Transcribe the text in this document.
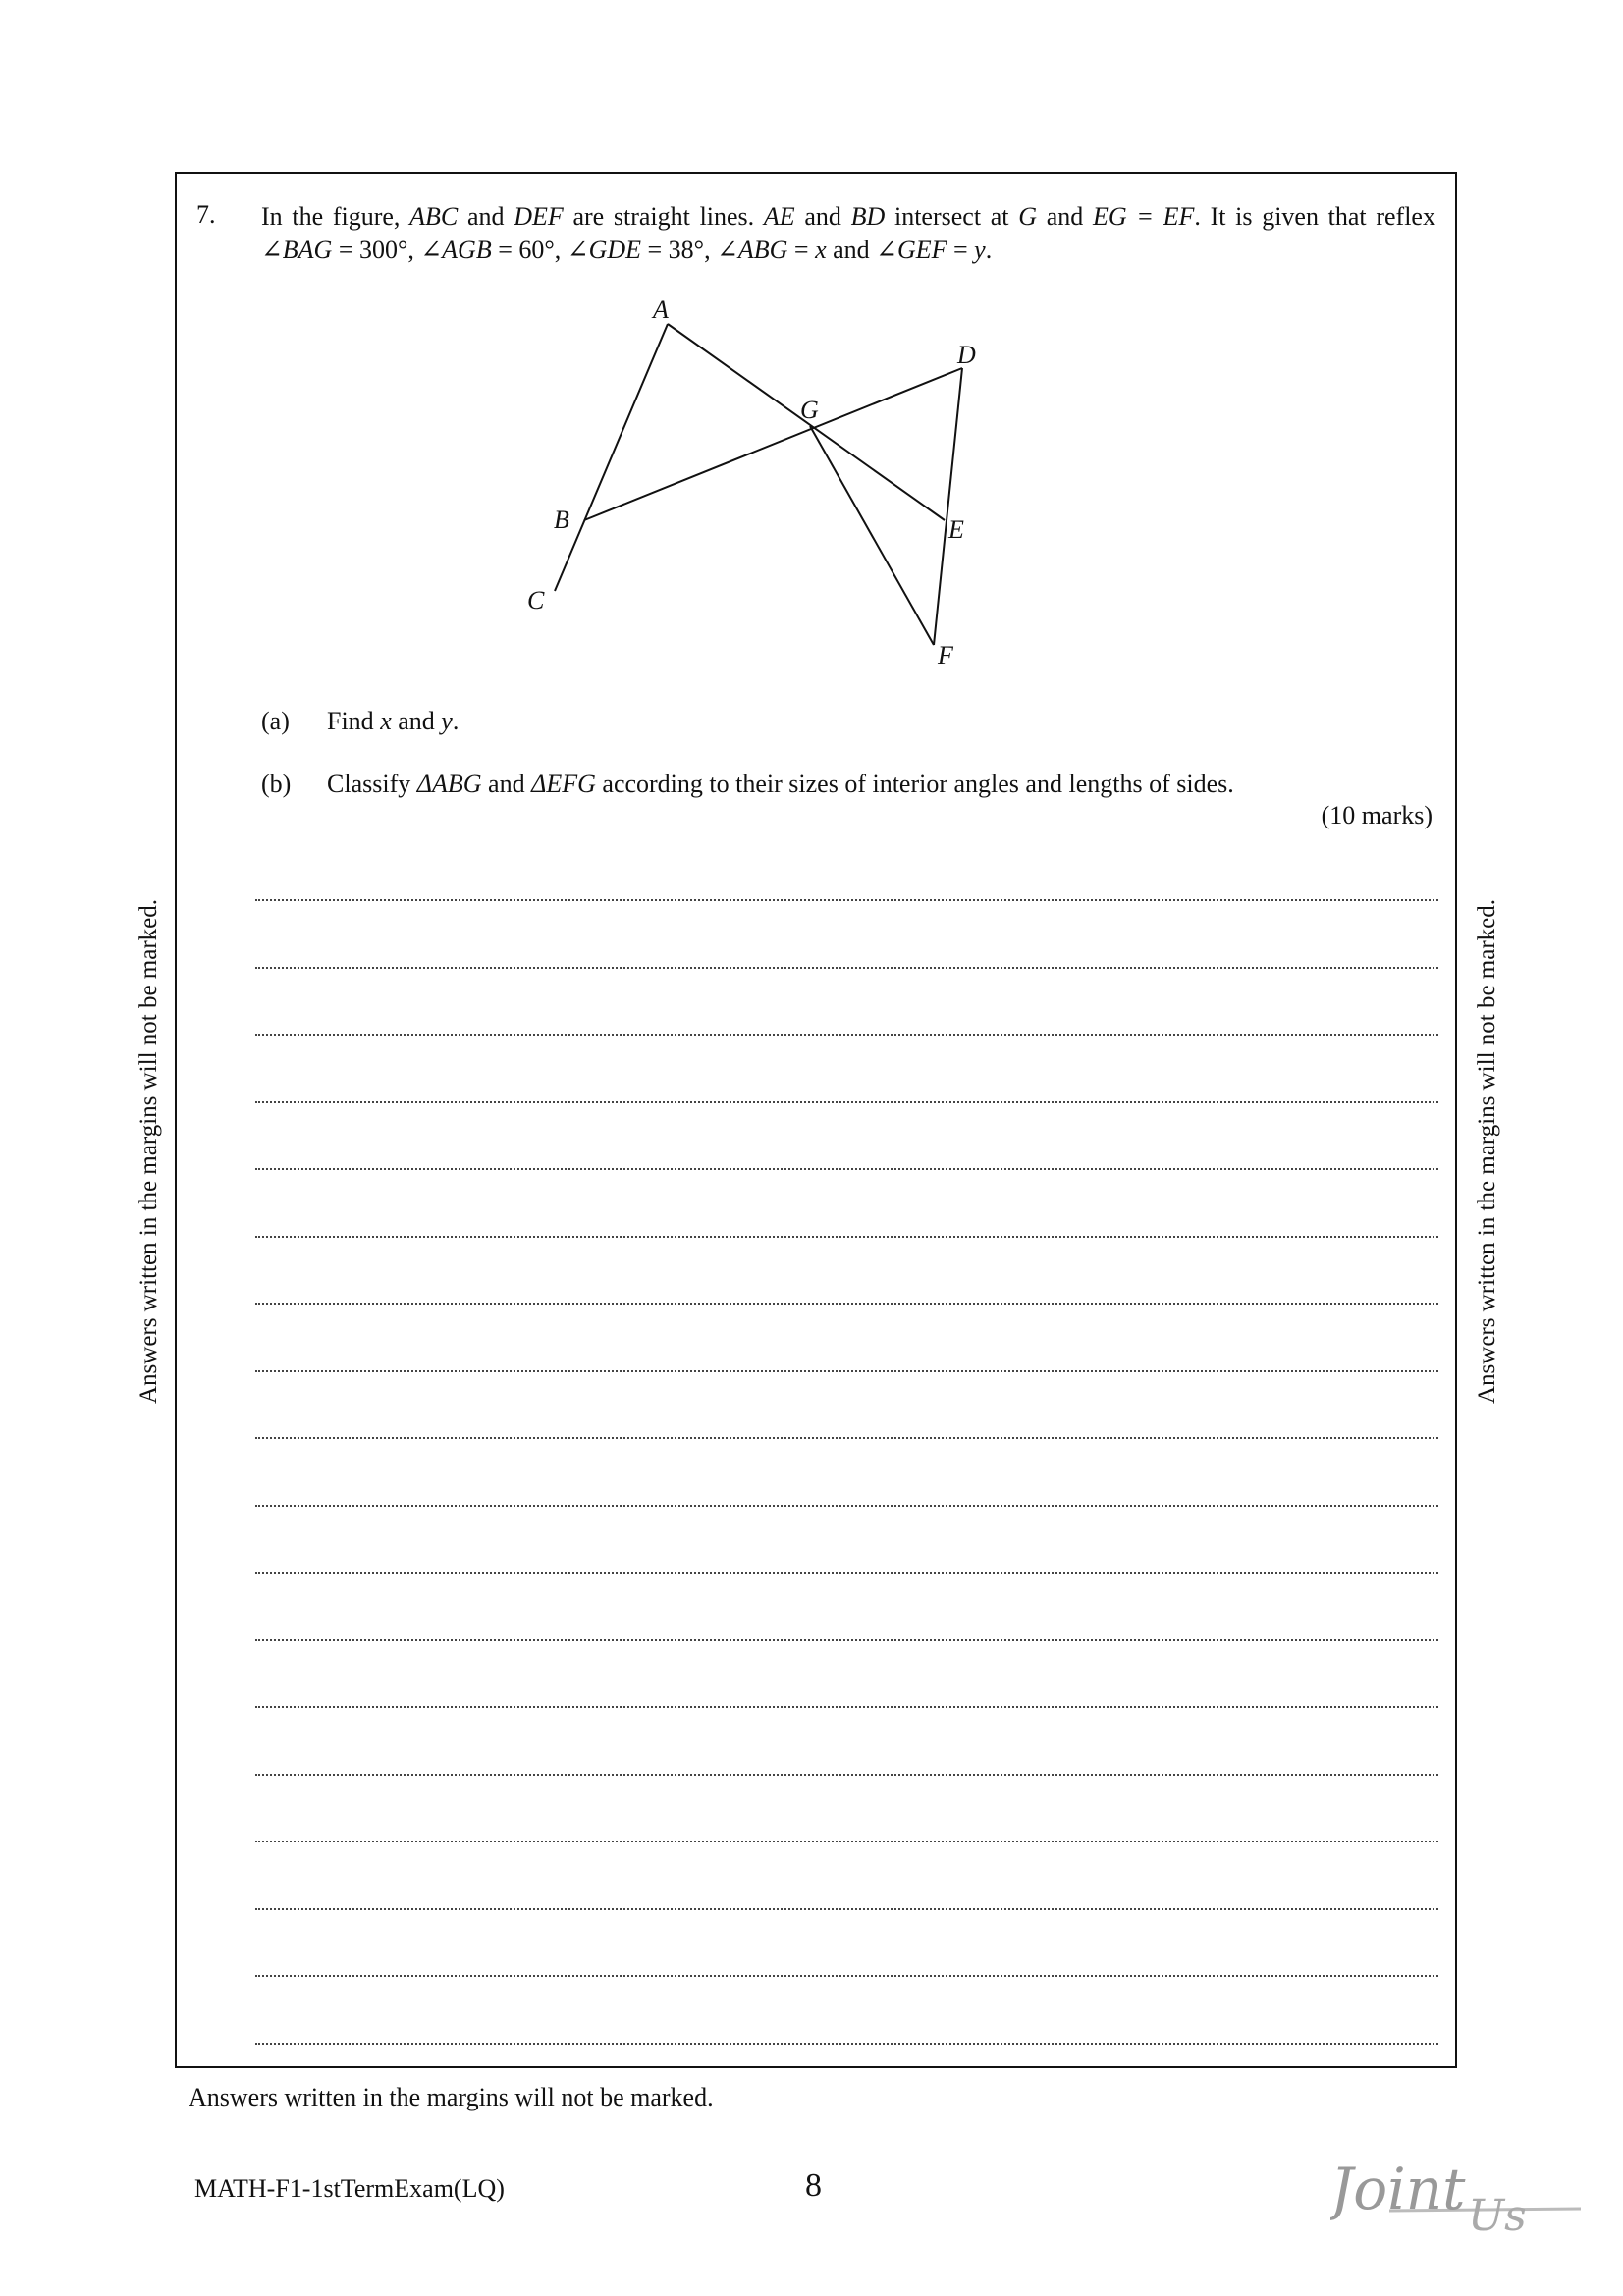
7. In the figure, ABC and DEF are straight lines. AE and BD intersect at G and EG = EF. It is given that reflex ∠BAG = 300°, ∠AGB = 60°, ∠GDE = 38°, ∠ABG = x and ∠GEF = y.
A
B
C
D
E
F
G
(a) Find x and y.
(b) Classify ΔABG and ΔEFG according to their sizes of interior angles and lengths of sides.
(10 marks)
Answers written in the margins will not be marked.	Answers written in the margins will not be marked.
Answers written in the margins will not be marked.
MATH-F1-1stTermExam(LQ)	8	Joint Us
